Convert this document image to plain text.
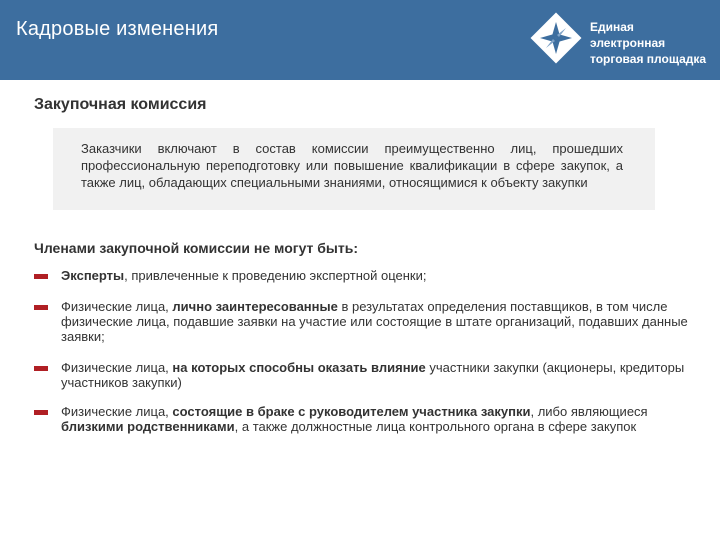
Кадровые изменения	Единая электронная
торговая площадка
Закупочная комиссия
Заказчики включают в состав комиссии преимущественно лиц, прошедших профессиональную переподготовку или повышение квалификации в сфере закупок, а также лиц, обладающих специальными знаниями, относящимися к объекту закупки
Членами закупочной комиссии не могут быть:
Эксперты, привлеченные к проведению экспертной оценки;
Физические лица, лично заинтересованные в результатах определения поставщиков, в том числе физические лица, подавшие заявки на участие или состоящие в штате организаций, подавших данные заявки;
Физические лица, на которых способны оказать влияние участники закупки (акционеры, кредиторы участников закупки)
Физические лица, состоящие в браке с руководителем участника закупки, либо являющиеся близкими родственниками, а также должностные лица контрольного органа в сфере закупок
